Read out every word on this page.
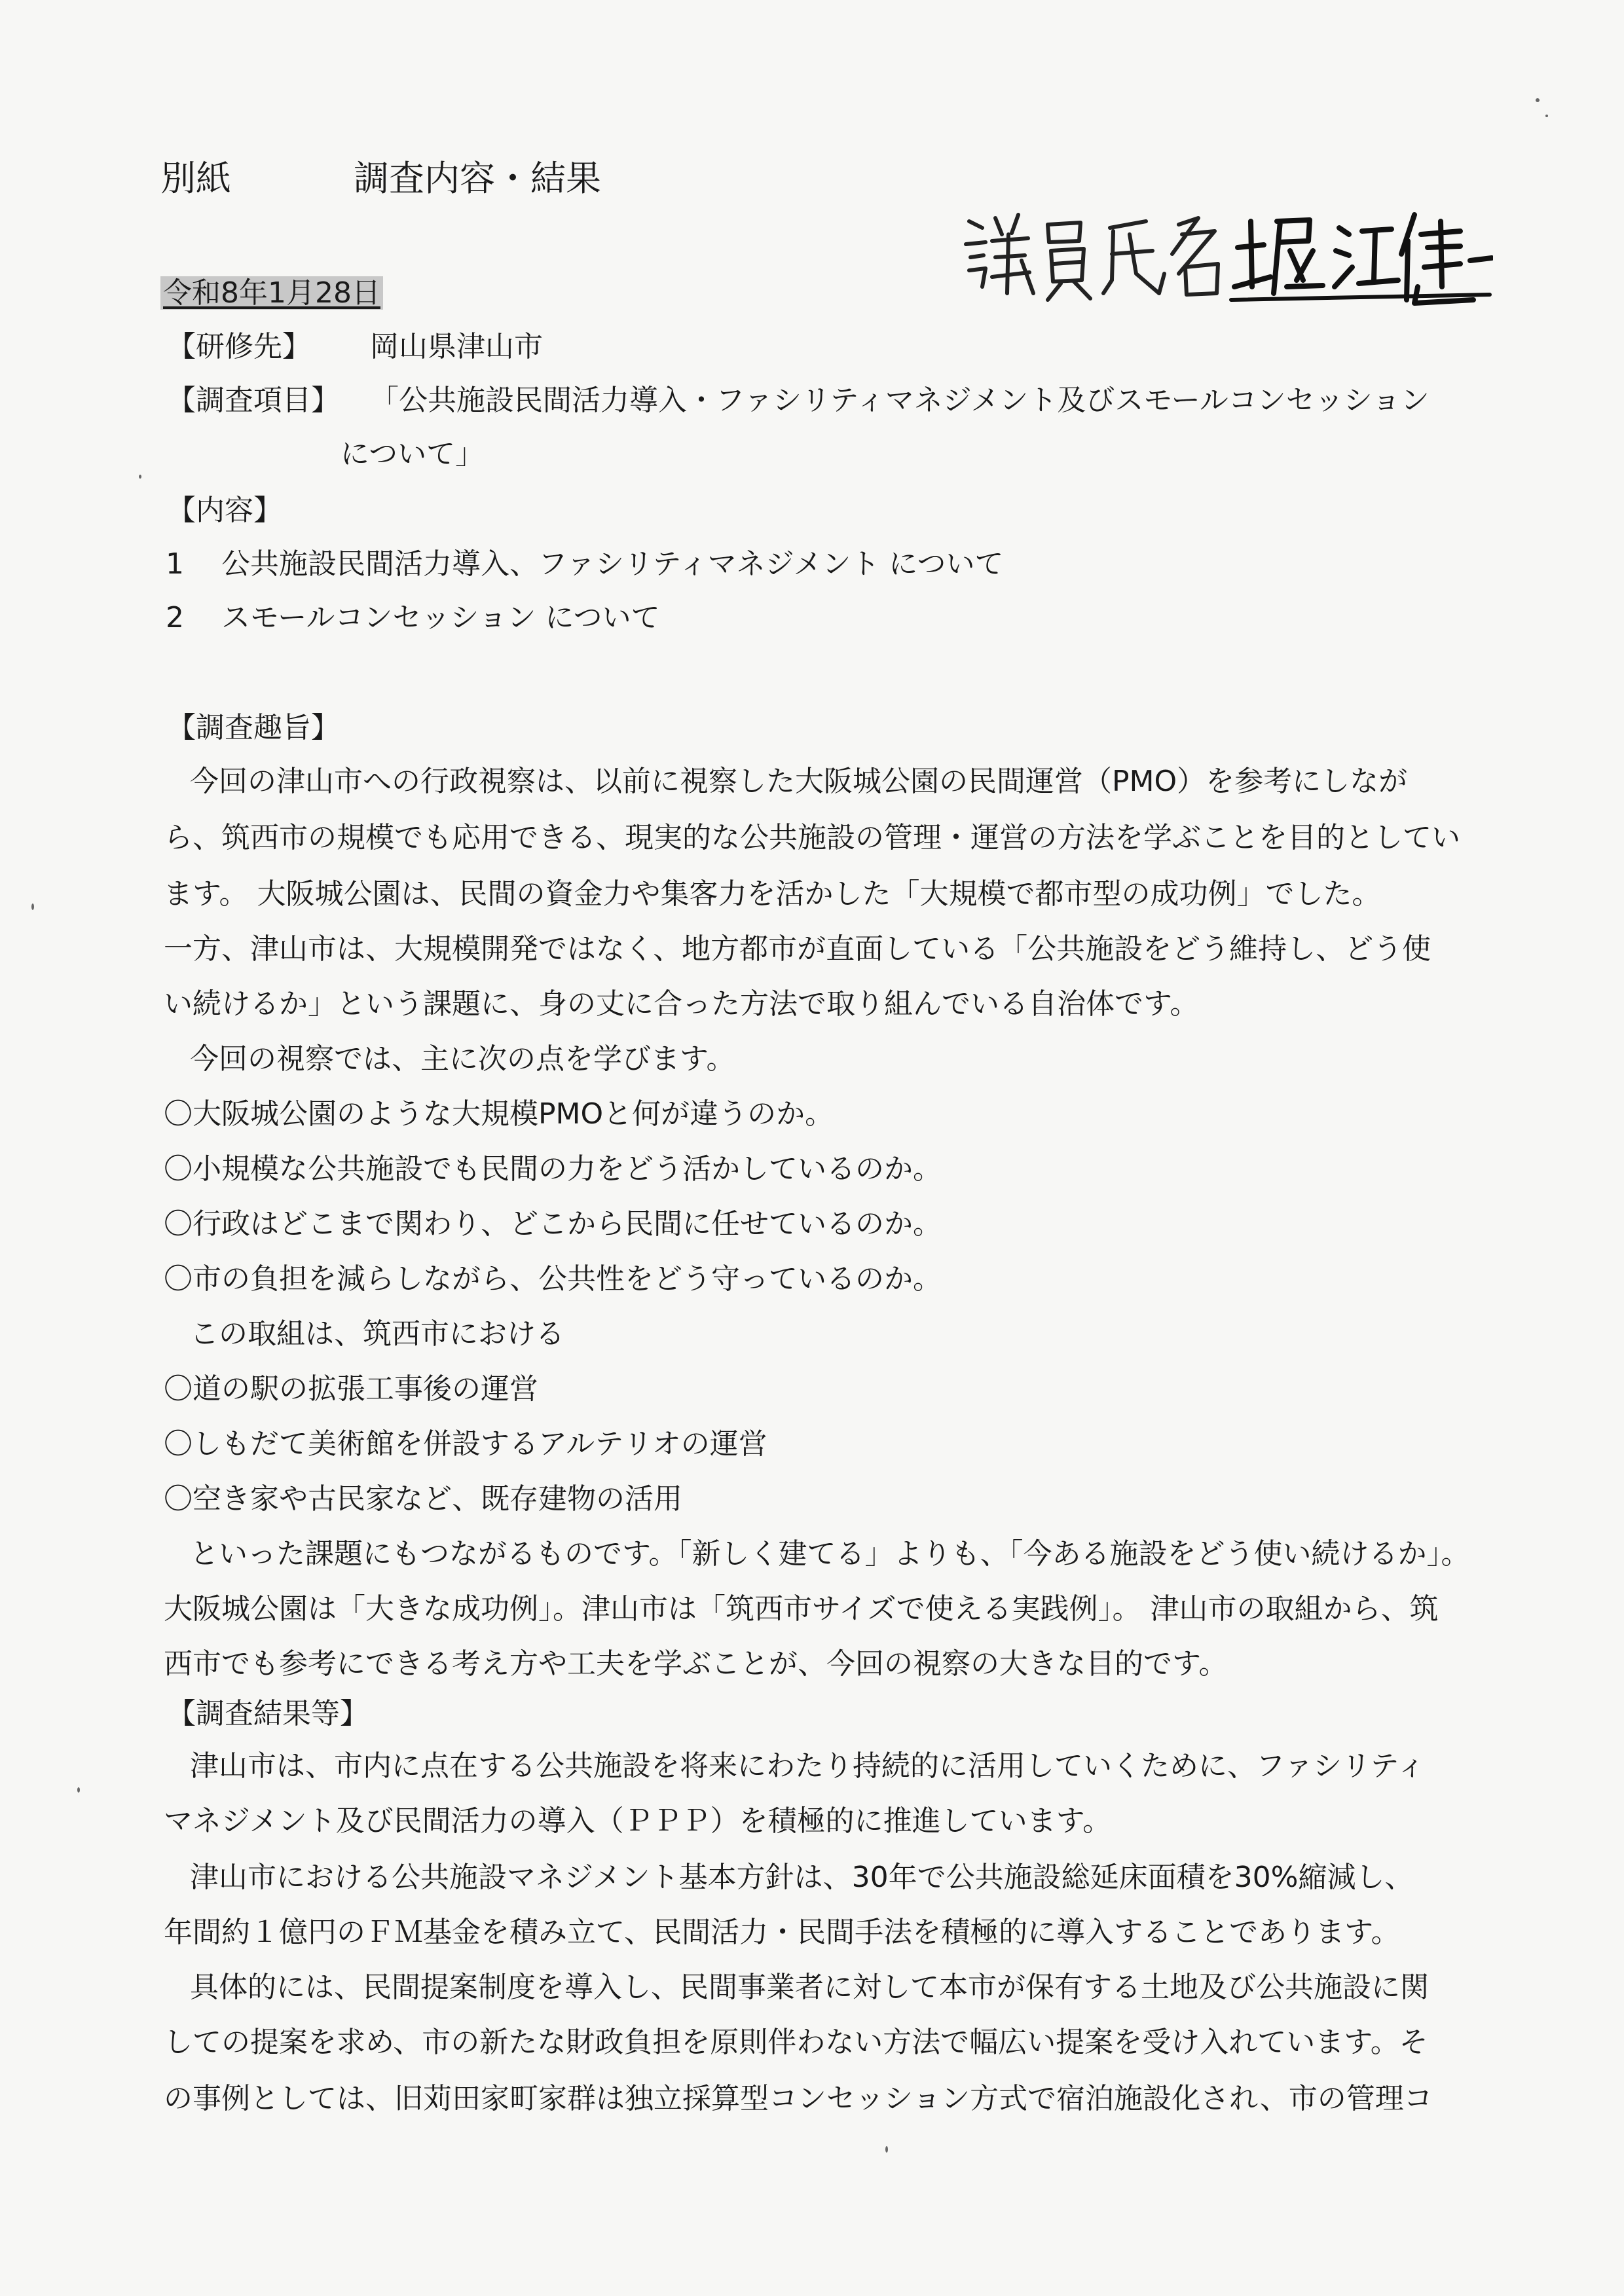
別紙	調査内容・結果

令和8年1月28日

【研修先】 岡山県津山市

【調査項目】 「公共施設民間活力導入・ファシリティマネジメント及びスモールコンセッション

について」

【内容】

1 公共施設民間活力導入、ファシリティマネジメント について

2 スモールコンセッション について

【調査趣旨】

今回の津山市への行政視察は、以前に視察した大阪城公園の民間運営（PMO）を参考にしなが

ら、筑西市の規模でも応用できる、現実的な公共施設の管理・運営の方法を学ぶことを目的としてい

ます。 大阪城公園は、民間の資金力や集客力を活かした「大規模で都市型の成功例」でした。

一方、津山市は、大規模開発ではなく、地方都市が直面している「公共施設をどう維持し、どう使

い続けるか」という課題に、身の丈に合った方法で取り組んでいる自治体です。

今回の視察では、主に次の点を学びます。

〇大阪城公園のような大規模PMOと何が違うのか。

〇小規模な公共施設でも民間の力をどう活かしているのか。

〇行政はどこまで関わり、どこから民間に任せているのか。

〇市の負担を減らしながら、公共性をどう守っているのか。

この取組は、筑西市における

〇道の駅の拡張工事後の運営

〇しもだて美術館を併設するアルテリオの運営

〇空き家や古民家など、既存建物の活用

といった課題にもつながるものです。「新しく建てる」よりも、「今ある施設をどう使い続けるか」。

大阪城公園は「大きな成功例」。津山市は「筑西市サイズで使える実践例」。 津山市の取組から、筑

西市でも参考にできる考え方や工夫を学ぶことが、今回の視察の大きな目的です。

【調査結果等】

津山市は、市内に点在する公共施設を将来にわたり持続的に活用していくために、ファシリティ

マネジメント及び民間活力の導入（ＰＰＰ）を積極的に推進しています。

津山市における公共施設マネジメント基本方針は、30年で公共施設総延床面積を30%縮減し、

年間約１億円のＦＭ基金を積み立て、民間活力・民間手法を積極的に導入することであります。

具体的には、民間提案制度を導入し、民間事業者に対して本市が保有する土地及び公共施設に関

しての提案を求め、市の新たな財政負担を原則伴わない方法で幅広い提案を受け入れています。そ

の事例としては、旧苅田家町家群は独立採算型コンセッション方式で宿泊施設化され、市の管理コ
